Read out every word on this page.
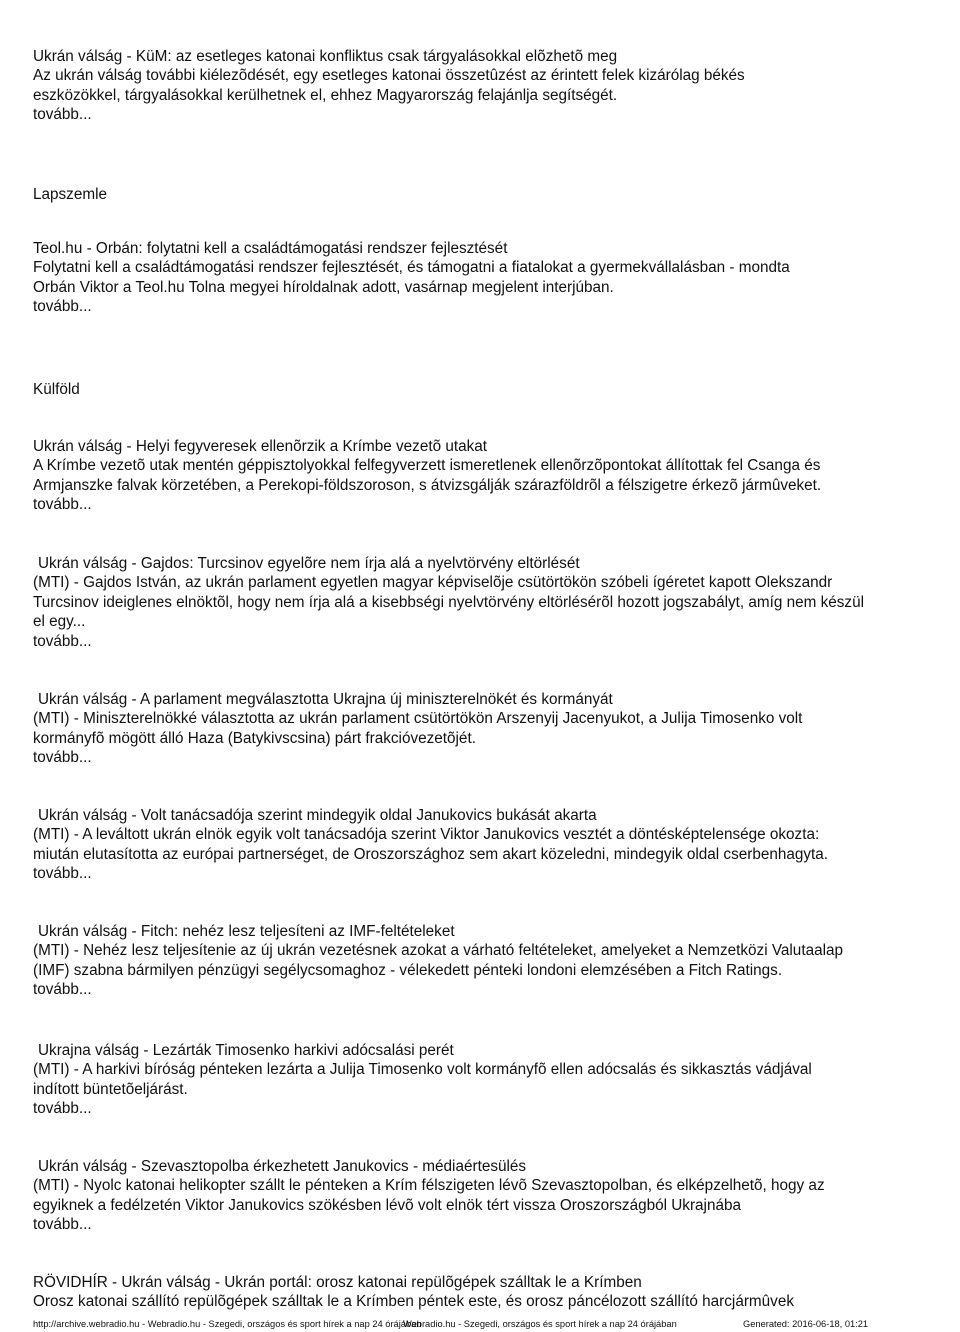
Ukrán válság - KüM: az esetleges katonai konfliktus csak tárgyalásokkal elõzhetõ meg
Az ukrán válság további kiélezõdését, egy esetleges katonai összetûzést az érintett felek kizárólag békés
eszközökkel, tárgyalásokkal kerülhetnek el, ehhez Magyarország felajánlja segítségét.
tovább...
Lapszemle
Teol.hu - Orbán: folytatni kell a családtámogatási rendszer fejlesztését
Folytatni kell a családtámogatási rendszer fejlesztését, és támogatni a fiatalokat a gyermekvállalásban - mondta
Orbán Viktor a Teol.hu Tolna megyei híroldalnak adott, vasárnap megjelent interjúban.
tovább...
Külföld
Ukrán válság - Helyi fegyveresek ellenõrzik a Krímbe vezetõ utakat
A Krímbe vezetõ utak mentén géppisztolyokkal felfegyverzett ismeretlenek ellenõrzõpontokat állítottak fel Csanga és
Armjanszke falvak körzetében, a Perekopi-földszoroson, s átvizsgálják szárazföldrõl a félszigetre érkezõ jármûveket.
tovább...
Ukrán válság - Gajdos: Turcsinov egyelõre nem írja alá a nyelvtörvény eltörlését
(MTI) - Gajdos István, az ukrán parlament egyetlen magyar képviselõje csütörtökön szóbeli ígéretet kapott Olekszandr
Turcsinov ideiglenes elnöktõl, hogy nem írja alá a kisebbségi nyelvtörvény eltörlésérõl hozott jogszabályt, amíg nem készül
el egy...
tovább...
Ukrán válság - A parlament megválasztotta Ukrajna új miniszterelnökét és kormányát
(MTI) - Miniszterelnökké választotta az ukrán parlament csütörtökön Arszenyij Jacenyukot, a Julija Timosenko volt
kormányfõ mögött álló Haza (Batykivscsina) párt frakcióvezetõjét.
tovább...
Ukrán válság - Volt tanácsadója szerint mindegyik oldal Janukovics bukását akarta
(MTI) - A leváltott ukrán elnök egyik volt tanácsadója szerint Viktor Janukovics vesztét a döntésképtelensége okozta:
miután elutasította az európai partnerséget, de Oroszországhoz sem akart közeledni, mindegyik oldal cserbenhagyta.
tovább...
Ukrán válság - Fitch: nehéz lesz teljesíteni az IMF-feltételeket
(MTI) - Nehéz lesz teljesítenie az új ukrán vezetésnek azokat a várható feltételeket, amelyeket a Nemzetközi Valutaalap
(IMF) szabna bármilyen pénzügyi segélycsomaghoz - vélekedett pénteki londoni elemzésében a Fitch Ratings.
tovább...
Ukrajna válság - Lezárták Timosenko harkivi adócsalási perét
(MTI) - A harkivi bíróság pénteken lezárta a Julija Timosenko volt kormányfõ ellen adócsalás és sikkasztás vádjával
indított büntetõeljárást.
tovább...
Ukrán válság - Szevasztopolba érkezhetett Janukovics - médiaértesülés
(MTI) - Nyolc katonai helikopter szállt le pénteken a Krím félszigeten lévõ Szevasztopolban, és elképzelhetõ, hogy az
egyiknek a fedélzetén Viktor Janukovics szökésben lévõ volt elnök tért vissza Oroszországból Ukrajnába
tovább...
RÖVIDHÍR - Ukrán válság - Ukrán portál: orosz katonai repülõgépek szálltak le a Krímben
Orosz katonai szállító repülõgépek szálltak le a Krímben péntek este, és orosz páncélozott szállító harcjármûvek
http://archive.webradio.hu - Webradio.hu - Szegedi, országos és sport hírek a nap 24 órájában
Webradio.hu - Szegedi, országos és sport hírek a nap 24 órájában	Generated: 2016-06-18, 01:21
